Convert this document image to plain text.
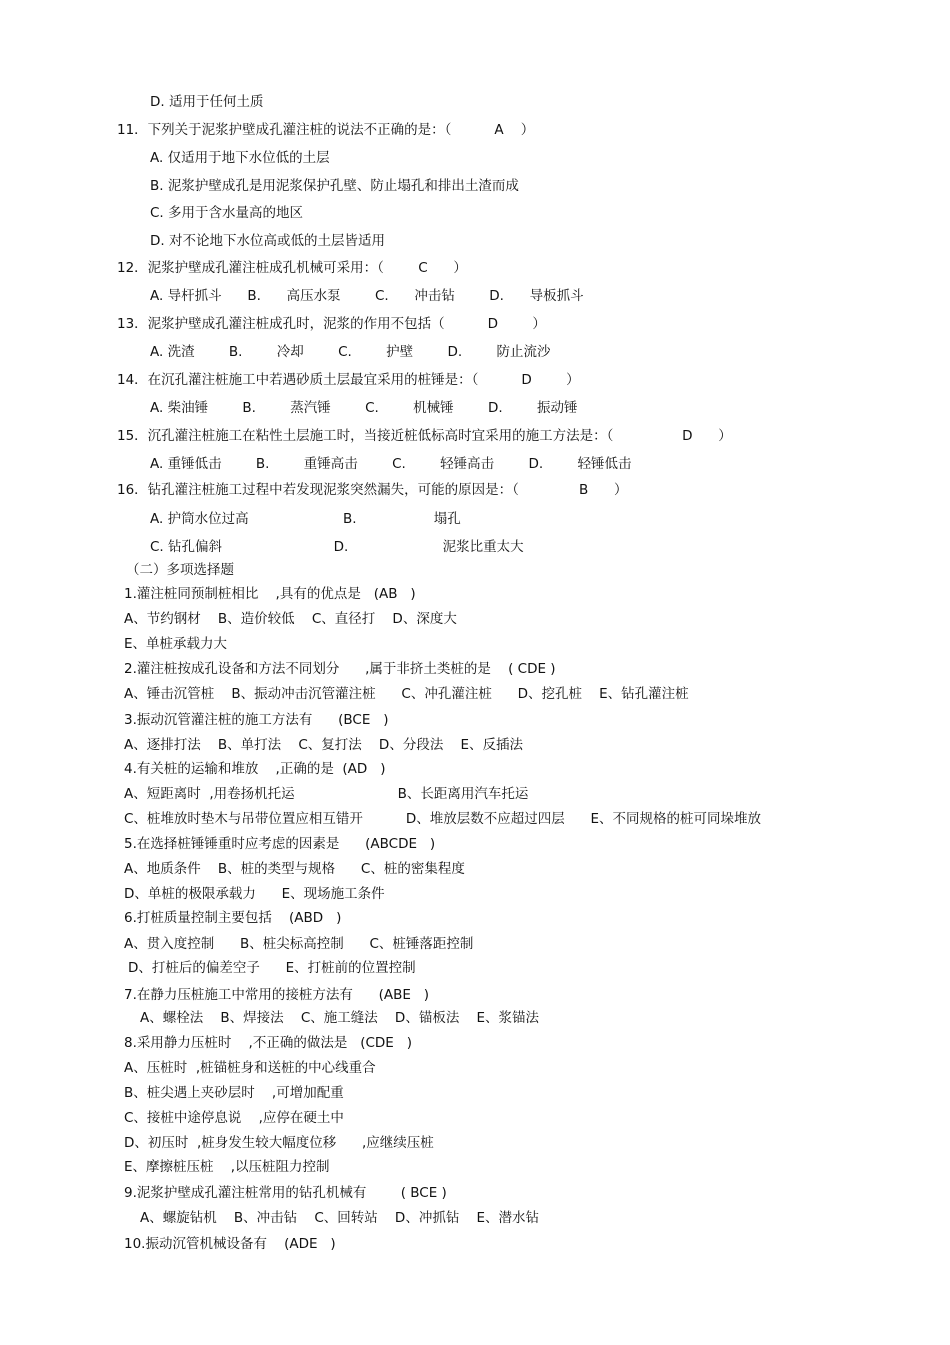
D. 适用于任何土质
11．下列关于泥浆护壁成孔灌注桩的说法不正确的是：（          A    ）
A. 仅适用于地下水位低的土层
B. 泥浆护壁成孔是用泥浆保护孔壁、防止塌孔和排出土渣而成
C. 多用于含水量高的地区
D. 对不论地下水位高或低的土层皆适用
12．泥浆护壁成孔灌注桩成孔机械可采用：（        C      ）
A. 导杆抓斗      B.      高压水泵        C.      冲击钻        D.      导板抓斗
13．泥浆护壁成孔灌注桩成孔时，泥浆的作用不包括（          D        ）
A. 洗渣        B.        冷却        C.        护壁        D.        防止流沙
14．在沉孔灌注桩施工中若遇砂质土层最宜采用的桩锤是：（          D        ）
A. 柴油锤        B.        蒸汽锤        C.        机械锤        D.        振动锤
15．沉孔灌注桩施工在粘性土层施工时，当接近桩低标高时宜采用的施工方法是：（                D      ）
A. 重锤低击        B.        重锤高击        C.        轻锤高击        D.        轻锤低击
16．钻孔灌注桩施工过程中若发现泥浆突然漏失，可能的原因是：（              B      ）
A. 护筒水位过高                      B.                  塌孔
C. 钻孔偏斜                          D.                      泥浆比重太大
（二）多项选择题
1.灌注桩同预制桩相比    ,具有的优点是   (AB   )
A、节约钢材    B、造价较低    C、直径打    D、深度大
E、单桩承载力大
2.灌注桩按成孔设备和方法不同划分      ,属于非挤土类桩的是    ( CDE )
A、锤击沉管桩    B、振动冲击沉管灌注桩      C、冲孔灌注桩      D、挖孔桩    E、钻孔灌注桩
3.振动沉管灌注桩的施工方法有      (BCE   )
A、逐排打法    B、单打法    C、复打法    D、分段法    E、反插法
4.有关桩的运输和堆放    ,正确的是  (AD   )
A、短距离时  ,用卷扬机托运                        B、长距离用汽车托运
C、桩堆放时垫木与吊带位置应相互错开          D、堆放层数不应超过四层      E、不同规格的桩可同垛堆放
5.在选择桩锤锤重时应考虑的因素是      (ABCDE   )
A、地质条件    B、桩的类型与规格      C、桩的密集程度
D、单桩的极限承载力      E、现场施工条件
6.打桩质量控制主要包括    (ABD   )
A、贯入度控制      B、桩尖标高控制      C、桩锤落距控制
D、打桩后的偏差空子      E、打桩前的位置控制
7.在静力压桩施工中常用的接桩方法有      (ABE   )
A、螺栓法    B、焊接法    C、施工缝法    D、锚板法    E、浆锚法
8.采用静力压桩时    ,不正确的做法是   (CDE   )
A、压桩时  ,桩锚桩身和送桩的中心线重合
B、桩尖遇上夹砂层时    ,可增加配重
C、接桩中途停息说    ,应停在硬土中
D、初压时  ,桩身发生较大幅度位移      ,应继续压桩
E、摩擦桩压桩    ,以压桩阻力控制
9.泥浆护壁成孔灌注桩常用的钻孔机械有        ( BCE )
A、螺旋钻机    B、冲击钻    C、回转站    D、冲抓钻    E、潜水钻
10.振动沉管机械设备有    (ADE   )
